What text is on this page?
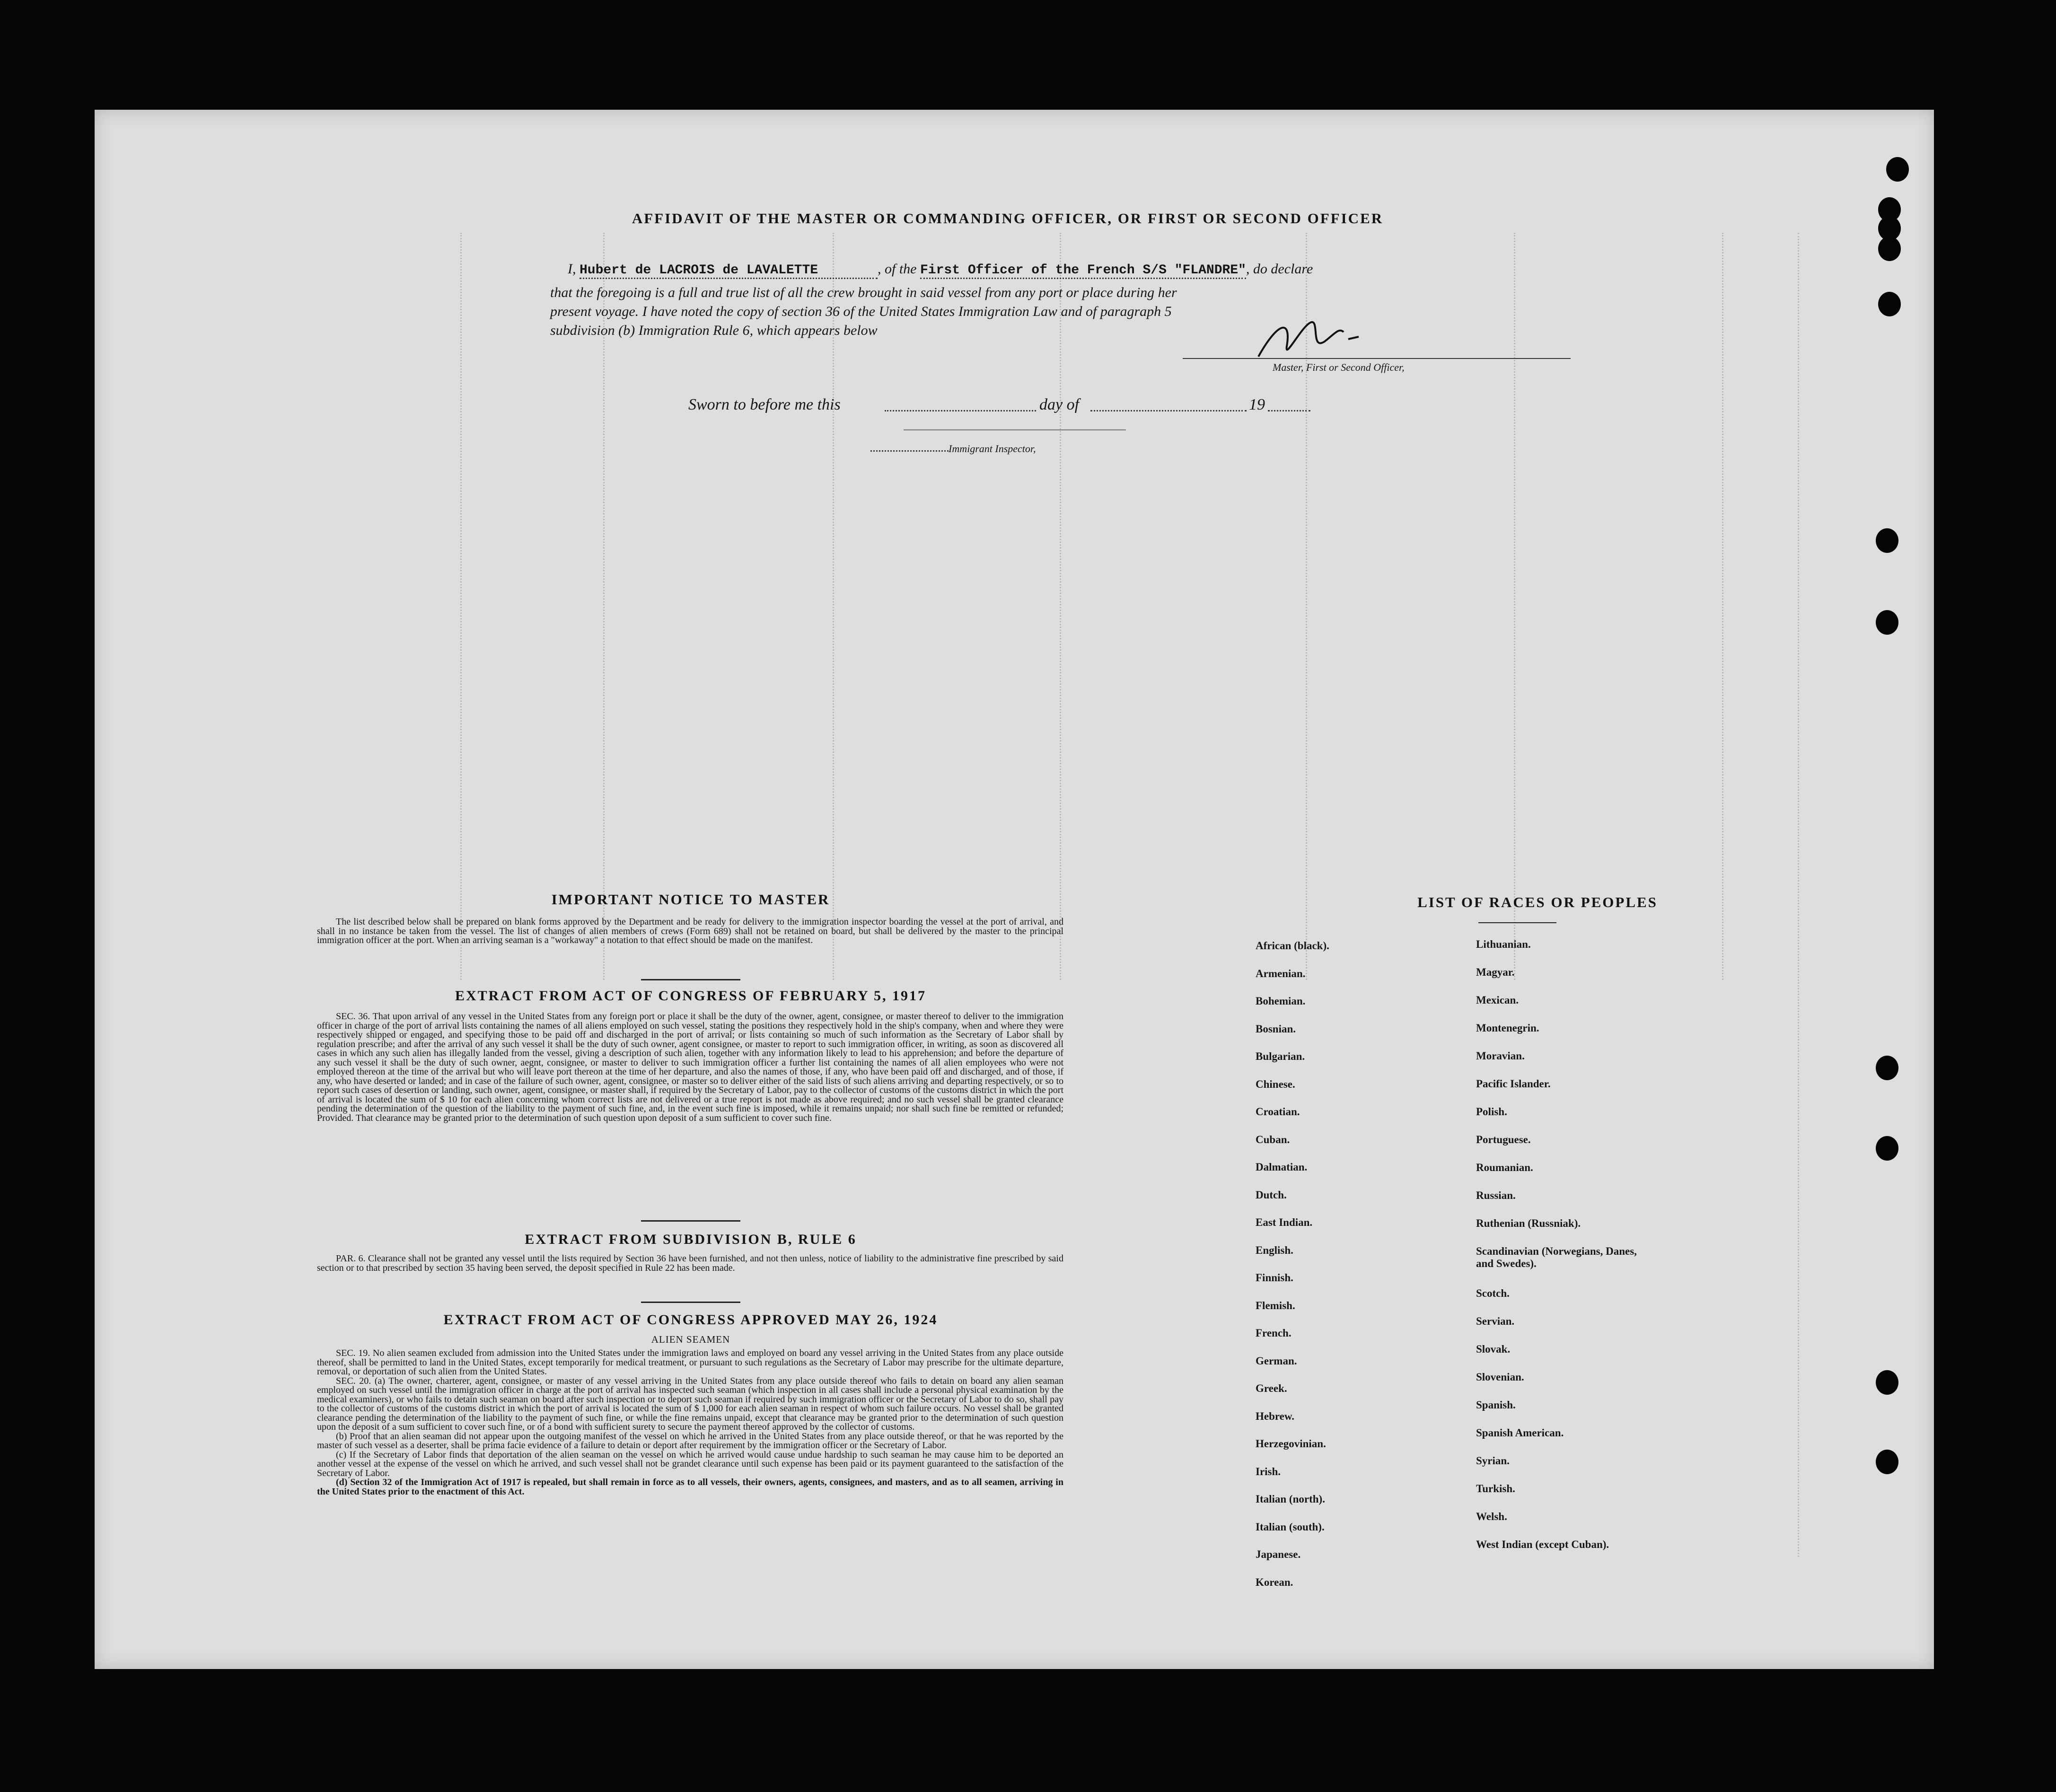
AFFIDAVIT OF THE MASTER OR COMMANDING OFFICER, OR FIRST OR SECOND OFFICER
I, Hubert de LACROIS de LAVALETTE	, of the First Officer of the French S/S "FLANDRE", do declare
that the foregoing is a full and true list of all the crew brought in said vessel from any port or place during her
present voyage. I have noted the copy of section 36 of the United States Immigration Law and of paragraph 5
subdivision (b) Immigration Rule 6, which appears below
Master, First or Second Officer,
Sworn to before me this	day of	19
Immigrant Inspector,
IMPORTANT NOTICE TO MASTER

The list described below shall be prepared on blank forms approved by the Department and be ready for delivery to the immigration inspector boarding the vessel at the port of arrival, and shall in no instance be taken from the vessel. The list of changes of alien members of crews (Form 689) shall not be retained on board, but shall be delivered by the master to the principal immigration officer at the port. When an arriving seaman is a "workaway" a notation to that effect should be made on the manifest.

EXTRACT FROM ACT OF CONGRESS OF FEBRUARY 5, 1917

SEC. 36. That upon arrival of any vessel in the United States from any foreign port or place it shall be the duty of the owner, agent, consignee, or master thereof to deliver to the immigration officer in charge of the port of arrival lists containing the names of all aliens employed on such vessel, stating the positions they respectively hold in the ship's company, when and where they were respectively shipped or engaged, and specifying those to be paid off and discharged in the port of arrival; or lists containing so much of such information as the Secretary of Labor shall by regulation prescribe; and after the arrival of any such vessel it shall be the duty of such owner, agent consignee, or master to report to such immigration officer, in writing, as soon as discovered all cases in which any such alien has illegally landed from the vessel, giving a description of such alien, together with any information likely to lead to his apprehension; and before the departure of any such vessel it shall be the duty of such owner, aegnt, consignee, or master to deliver to such immigration officer a further list containing the names of all alien employees who were not employed thereon at the time of the arrival but who will leave port thereon at the time of her departure, and also the names of those, if any, who have been paid off and discharged, and of those, if any, who have deserted or landed; and in case of the failure of such owner, agent, consignee, or master so to deliver either of the said lists of such aliens arriving and departing respectively, or so to report such cases of desertion or landing, such owner, agent, consignee, or master shall, if required by the Secretary of Labor, pay to the collector of customs of the customs district in which the port of arrival is located the sum of $ 10 for each alien concerning whom correct lists are not delivered or a true report is not made as above required; and no such vessel shall be granted clearance pending the determination of the question of the liability to the payment of such fine, and, in the event such fine is imposed, while it remains unpaid; nor shall such fine be remitted or refunded; Provided. That clearance may be granted prior to the determination of such question upon deposit of a sum sufficient to cover such fine.

EXTRACT FROM SUBDIVISION B, RULE 6

PAR. 6. Clearance shall not be granted any vessel until the lists required by Section 36 have been furnished, and not then unless, notice of liability to the administrative fine prescribed by said section or to that prescribed by section 35 having been served, the deposit specified in Rule 22 has been made.

EXTRACT FROM ACT OF CONGRESS APPROVED MAY 26, 1924
ALIEN SEAMEN

SEC. 19. No alien seamen excluded from admission into the United States under the immigration laws and employed on board any vessel arriving in the United States from any place outside thereof, shall be permitted to land in the United States, except temporarily for medical treatment, or pursuant to such regulations as the Secretary of Labor may prescribe for the ultimate departure, removal, or deportation of such alien from the United States.

SEC. 20. (a) The owner, charterer, agent, consignee, or master of any vessel arriving in the United States from any place outside thereof who fails to detain on board any alien seaman employed on such vessel until the immigration officer in charge at the port of arrival has inspected such seaman (which inspection in all cases shall include a personal physical examination by the medical examiners), or who fails to detain such seaman on board after such inspection or to deport such seaman if required by such immigration officer or the Secretary of Labor to do so, shall pay to the collector of customs of the customs district in which the port of arrival is located the sum of $ 1,000 for each alien seaman in respect of whom such failure occurs. No vessel shall be granted clearance pending the determination of the liability to the payment of such fine, or while the fine remains unpaid, except that clearance may be granted prior to the determination of such question upon the deposit of a sum sufficient to cover such fine, or of a bond with sufficient surety to secure the payment thereof approved by the collector of customs.

(b) Proof that an alien seaman did not appear upon the outgoing manifest of the vessel on which he arrived in the United States from any place outside thereof, or that he was reported by the master of such vessel as a deserter, shall be prima facie evidence of a failure to detain or deport after requirement by the immigration officer or the Secretary of Labor.

(c) If the Secretary of Labor finds that deportation of the alien seaman on the vessel on which he arrived would cause undue hardship to such seaman he may cause him to be deported an another vessel at the expense of the vessel on which he arrived, and such vessel shall not be grandet clearance until such expense has been paid or its payment guaranteed to the satisfaction of the Secretary of Labor.

(d) Section 32 of the Immigration Act of 1917 is repealed, but shall remain in force as to all vessels, their owners, agents, consignees, and masters, and as to all seamen, arriving in the United States prior to the enactment of this Act.

LIST OF RACES OR PEOPLES
African (black).
Armenian.
Bohemian.
Bosnian.
Bulgarian.
Chinese.
Croatian.
Cuban.
Dalmatian.
Dutch.
East Indian.
English.
Finnish.
Flemish.
French.
German.
Greek.
Hebrew.
Herzegovinian.
Irish.
Italian (north).
Italian (south).
Japanese.
Korean.
Lithuanian.
Magyar.
Mexican.
Montenegrin.
Moravian.
Pacific Islander.
Polish.
Portuguese.
Roumanian.
Russian.
Ruthenian (Russniak).
Scandinavian (Norwegians, Danes, and Swedes).
Scotch.
Servian.
Slovak.
Slovenian.
Spanish.
Spanish American.
Syrian.
Turkish.
Welsh.
West Indian (except Cuban).
